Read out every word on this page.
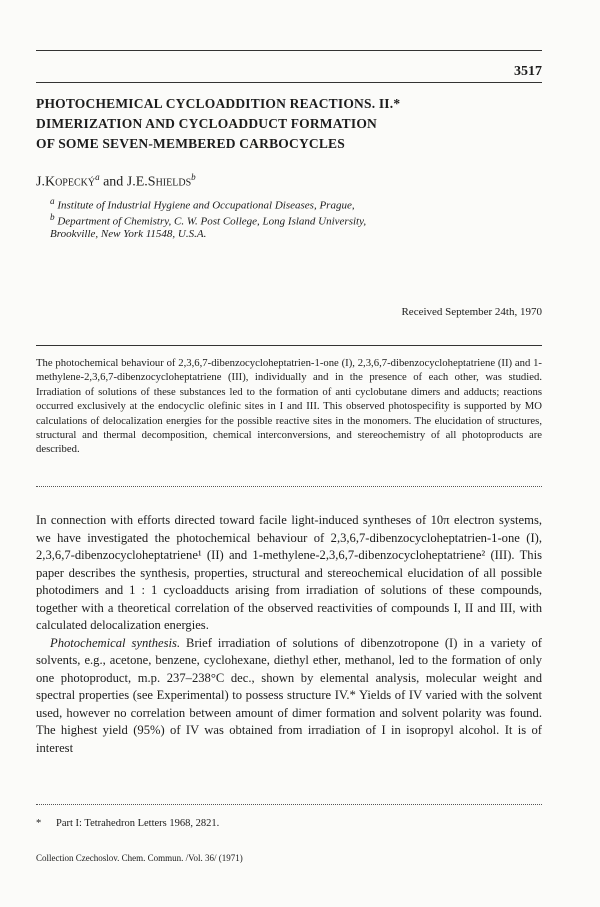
3517
PHOTOCHEMICAL CYCLOADDITION REACTIONS. II.*
DIMERIZATION AND CYCLOADDUCT FORMATION
OF SOME SEVEN-MEMBERED CARBOCYCLES
J.Kopecký$^a$ and J.E.Shields$^b$
$^a$ Institute of Industrial Hygiene and Occupational Diseases, Prague,
$^b$ Department of Chemistry, C. W. Post College, Long Island University,
Brookville, New York 11548, U.S.A.
Received September 24th, 1970
The photochemical behaviour of 2,3,6,7-dibenzocycloheptatrien-1-one (I), 2,3,6,7-dibenzocycloheptatriene (II) and 1-methylene-2,3,6,7-dibenzocycloheptatriene (III), individually and in the presence of each other, was studied. Irradiation of solutions of these substances led to the formation of anti cyclobutane dimers and adducts; reactions occurred exclusively at the endocyclic olefinic sites in I and III. This observed photospecifity is supported by MO calculations of delocalization energies for the possible reactive sites in the monomers. The elucidation of structures, structural and thermal decomposition, chemical interconversions, and stereochemistry of all photoproducts are described.

In connection with efforts directed toward facile light-induced syntheses of 10π electron systems, we have investigated the photochemical behaviour of 2,3,6,7-dibenzocycloheptatrien-1-one (I), 2,3,6,7-dibenzocycloheptatriene¹ (II) and 1-methylene-2,3,6,7-dibenzocycloheptatriene² (III). This paper describes the synthesis, properties, structural and stereochemical elucidation of all possible photodimers and 1 : 1 cycloadducts arising from irradiation of solutions of these compounds, together with a theoretical correlation of the observed reactivities of compounds I, II and III, with calculated delocalization energies.

Photochemical synthesis. Brief irradiation of solutions of dibenzotropone (I) in a variety of solvents, e.g., acetone, benzene, cyclohexane, diethyl ether, methanol, led to the formation of only one photoproduct, m.p. 237–238°C dec., shown by elemental analysis, molecular weight and spectral properties (see Experimental) to possess structure IV.* Yields of IV varied with the solvent used, however no correlation between amount of dimer formation and solvent polarity was found. The highest yield (95%) of IV was obtained from irradiation of I in isopropyl alcohol. It is of interest

* Part I: Tetrahedron Letters 1968, 2821.
Collection Czechoslov. Chem. Commun. /Vol. 36/ (1971)
